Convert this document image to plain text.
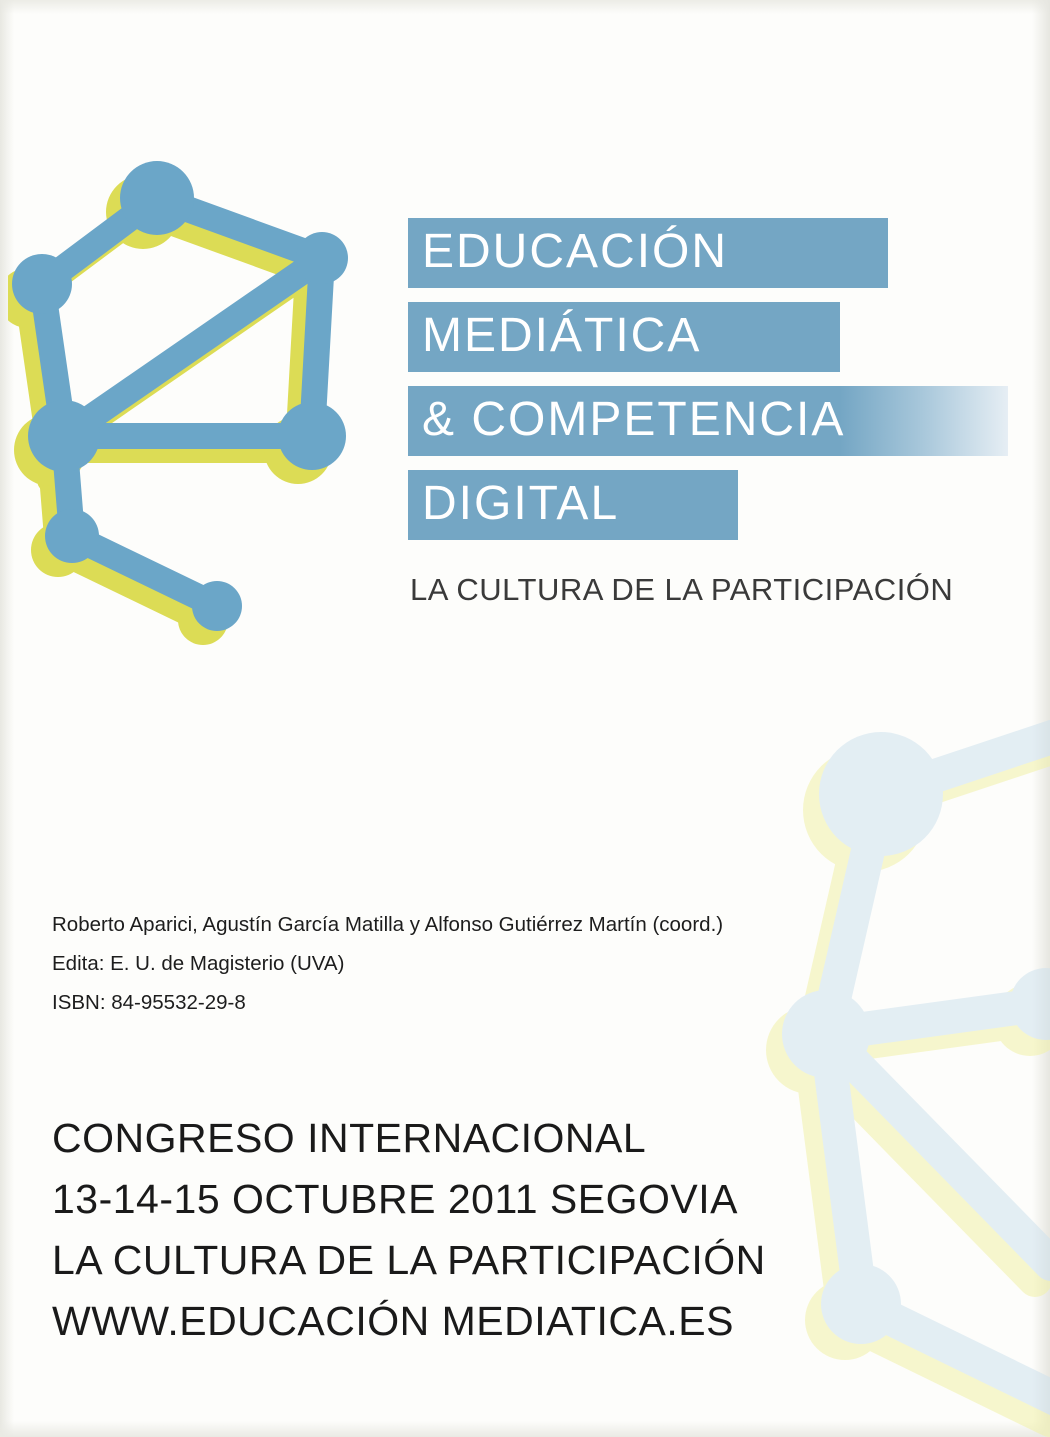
EDUCACIÓN
MEDIÁTICA
& COMPETENCIA
DIGITAL
LA CULTURA DE LA PARTICIPACIÓN
Roberto Aparici, Agustín García Matilla y Alfonso Gutiérrez Martín (coord.)
Edita: E. U. de Magisterio (UVA)
ISBN: 84-95532-29-8
CONGRESO INTERNACIONAL
13-14-15 OCTUBRE 2011 SEGOVIA
LA CULTURA DE LA PARTICIPACIÓN
WWW.EDUCACIÓN MEDIATICA.ES
